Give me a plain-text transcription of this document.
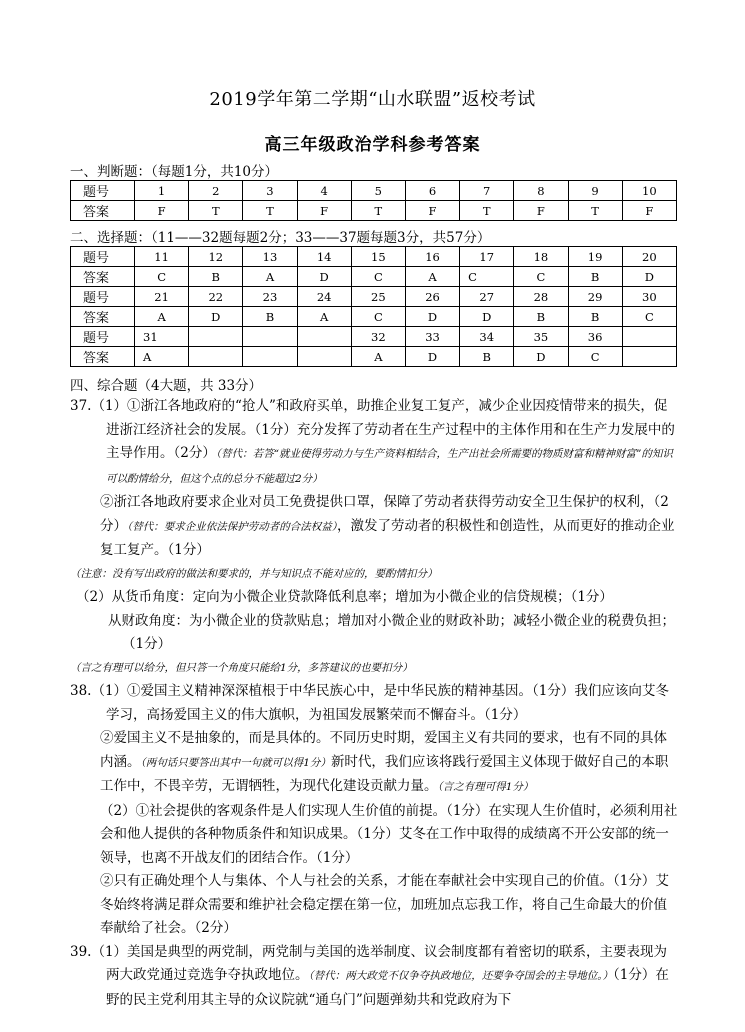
2019学年第二学期“山水联盟”返校考试
高三年级政治学科参考答案
一、判断题：（每题1分，共10分）
题号	1	2	3	4	5	6	7	8	9	10
答案	F	T	T	F	T	F	T	F	T	F
二、选择题：（11——32题每题2分；33——37题每题3分，共57分）
题号	11	12	13	14	15	16	17	18	19	20
答案	C	B	A	D	C	A	C	C	B	D
题号	21	22	23	24	25	26	27	28	29	30
答案	A	D	B	A	C	D	D	B	B	C
题号	31				32	33	34	35	36	
答案	A				A	D	B	D	C	
四、综合题（4大题，共 33分）

37.（1）①浙江各地政府的“抢人”和政府买单，助推企业复工复产，减少企业因疫情带来的损失，促进浙江经济社会的发展。（1分）充分发挥了劳动者在生产过程中的主体作用和在生产力发展中的主导作用。（2分）（替代：若答“就业使得劳动力与生产资料相结合，生产出社会所需要的物质财富和精神财富”的知识可以酌情给分，但这个点的总分不能超过2分）

②浙江各地政府要求企业对员工免费提供口罩，保障了劳动者获得劳动安全卫生保护的权利，（2分）（替代：要求企业依法保护劳动者的合法权益），激发了劳动者的积极性和创造性，从而更好的推动企业复工复产。（1分）

（注意：没有写出政府的做法和要求的，并与知识点不能对应的，要酌情扣分）

（2）从货币角度：定向为小微企业贷款降低利息率；增加为小微企业的信贷规模；（1分）

从财政角度：为小微企业的贷款贴息；增加对小微企业的财政补助；减轻小微企业的税费负担；（1分）

（言之有理可以给分，但只答一个角度只能给1分，多答建议的也要扣分）

38.（1）①爱国主义精神深深植根于中华民族心中，是中华民族的精神基因。（1分）我们应该向艾冬学习，高扬爱国主义的伟大旗帜，为祖国发展繁荣而不懈奋斗。（1分）

②爱国主义不是抽象的，而是具体的。不同历史时期，爱国主义有共同的要求，也有不同的具体内涵。（两句话只要答出其中一句就可以得1分）新时代，我们应该将践行爱国主义体现于做好自己的本职工作中，不畏辛劳，无谓牺牲，为现代化建设贡献力量。（言之有理可得1分）

（2）①社会提供的客观条件是人们实现人生价值的前提。（1分）在实现人生价值时，必须利用社会和他人提供的各种物质条件和知识成果。（1分）艾冬在工作中取得的成绩离不开公安部的统一领导，也离不开战友们的团结合作。（1分）

②只有正确处理个人与集体、个人与社会的关系，才能在奉献社会中实现自己的价值。（1分）艾冬始终将满足群众需要和维护社会稳定摆在第一位，加班加点忘我工作，将自己生命最大的价值奉献给了社会。（2分）

39.（1）美国是典型的两党制，两党制与美国的选举制度、议会制度都有着密切的联系，主要表现为两大政党通过竞选争夺执政地位。（替代：两大政党不仅争夺执政地位，还要争夺国会的主导地位。）（1分）在野的民主党利用其主导的众议院就“通乌门”问题弹劾共和党政府为下
